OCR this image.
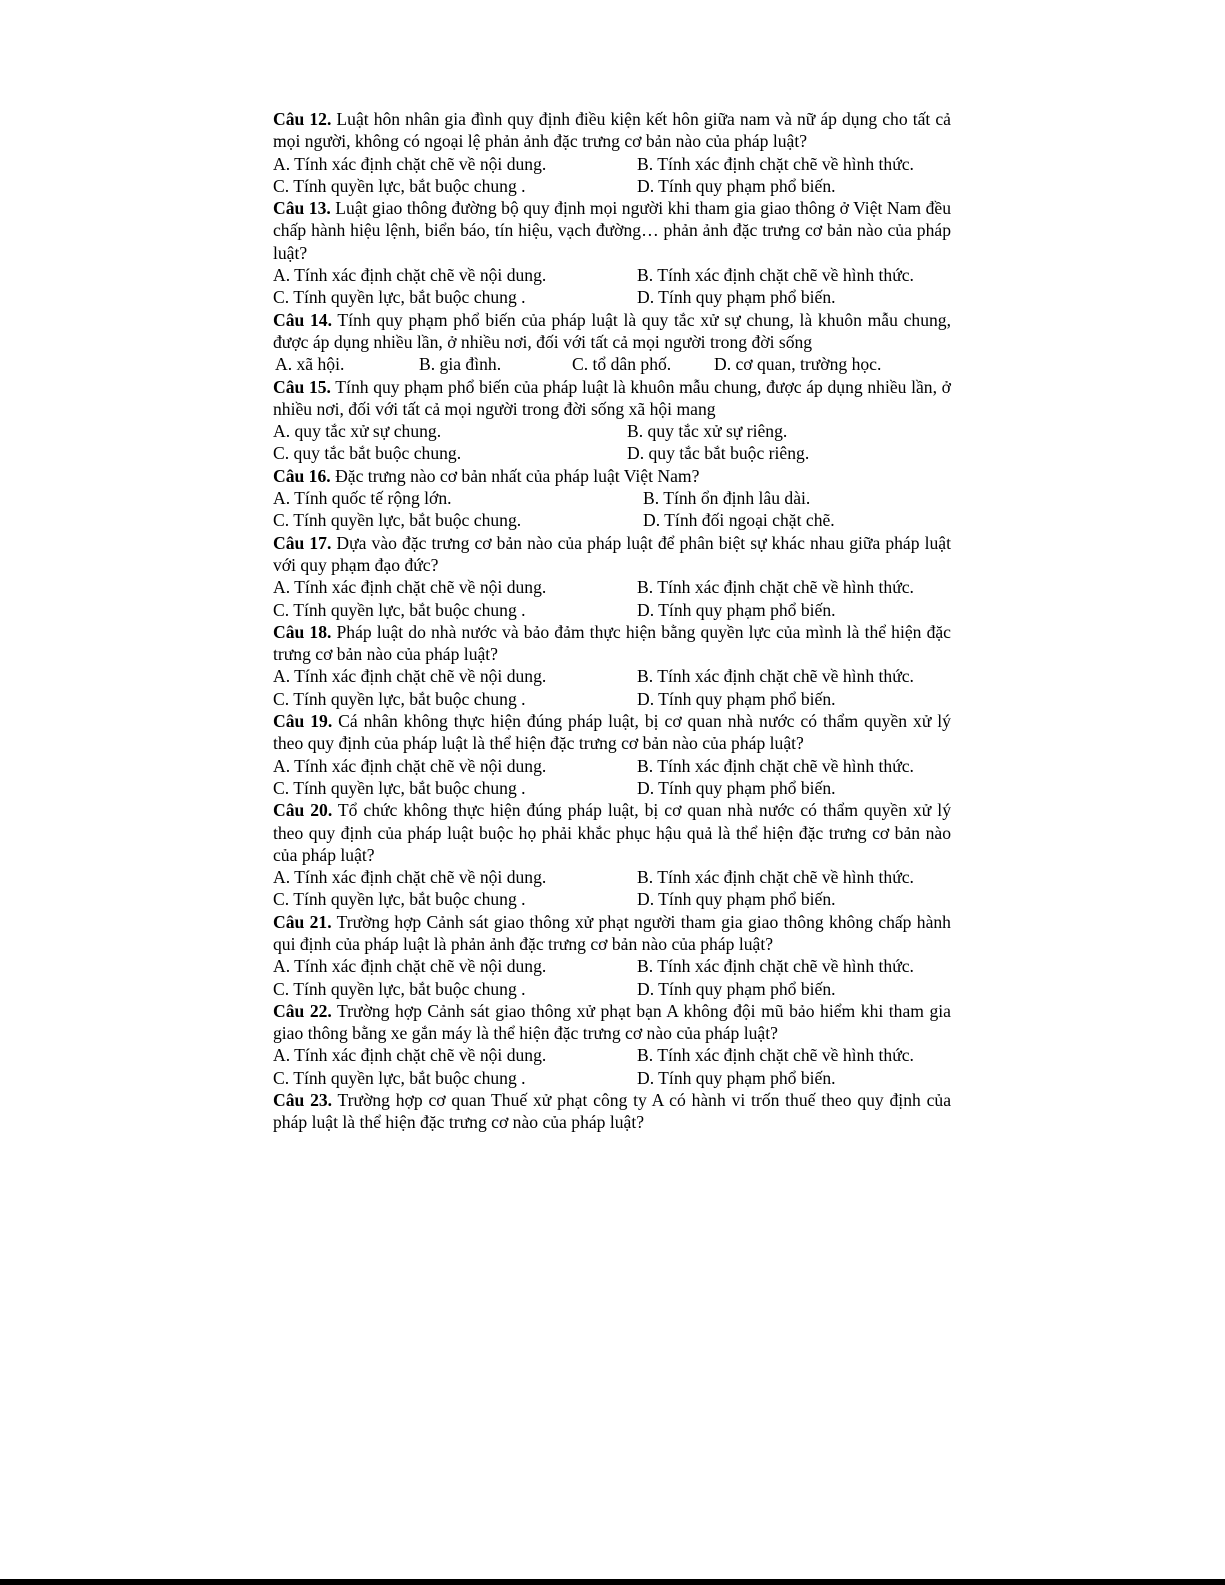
Câu 12. Luật hôn nhân gia đình quy định điều kiện kết hôn giữa nam và nữ áp dụng cho tất cả mọi người, không có ngoại lệ phản ảnh đặc trưng cơ bản nào của pháp luật?

A. Tính xác định chặt chẽ về nội dung.	B. Tính xác định chặt chẽ về hình thức.
C. Tính quyền lực, bắt buộc chung .	D. Tính quy phạm phổ biến.

Câu 13. Luật giao thông đường bộ quy định mọi người khi tham gia giao thông ở Việt Nam đều chấp hành hiệu lệnh, biển báo, tín hiệu, vạch đường… phản ảnh đặc trưng cơ bản nào của pháp luật?

A. Tính xác định chặt chẽ về nội dung.	B. Tính xác định chặt chẽ về hình thức.
C. Tính quyền lực, bắt buộc chung .	D. Tính quy phạm phổ biến.

Câu 14. Tính quy phạm phổ biến của pháp luật là quy tắc xử sự chung, là khuôn mẫu chung, được áp dụng nhiều lần, ở nhiều nơi, đối với tất cả mọi người trong đời sống

A. xã hội.	B. gia đình.	C. tổ dân phố.	D. cơ quan, trường học.

Câu 15. Tính quy phạm phổ biến của pháp luật là khuôn mẫu chung, được áp dụng nhiều lần, ở nhiều nơi, đối với tất cả mọi người trong đời sống xã hội mang

A. quy tắc xử sự chung.	B. quy tắc xử sự riêng.
C. quy tắc bắt buộc chung.	D. quy tắc bắt buộc riêng.

Câu 16. Đặc trưng nào cơ bản nhất của pháp luật Việt Nam?

A. Tính quốc tế rộng lớn.	B. Tính ổn định lâu dài.
C. Tính quyền lực, bắt buộc chung.	D. Tính đối ngoại chặt chẽ.

Câu 17. Dựa vào đặc trưng cơ bản nào của pháp luật để phân biệt sự khác nhau giữa pháp luật với quy phạm đạo đức?

A. Tính xác định chặt chẽ về nội dung.	B. Tính xác định chặt chẽ về hình thức.
C. Tính quyền lực, bắt buộc chung .	D. Tính quy phạm phổ biến.

Câu 18. Pháp luật do nhà nước và bảo đảm thực hiện bằng quyền lực của mình là thể hiện đặc trưng cơ bản nào của pháp luật?

A. Tính xác định chặt chẽ về nội dung.	B. Tính xác định chặt chẽ về hình thức.
C. Tính quyền lực, bắt buộc chung .	D. Tính quy phạm phổ biến.

Câu 19. Cá nhân không thực hiện đúng pháp luật, bị cơ quan nhà nước có thẩm quyền xử lý theo quy định của pháp luật là thể hiện đặc trưng cơ bản nào của pháp luật?

A. Tính xác định chặt chẽ về nội dung.	B. Tính xác định chặt chẽ về hình thức.
C. Tính quyền lực, bắt buộc chung .	D. Tính quy phạm phổ biến.

Câu 20. Tổ chức không thực hiện đúng pháp luật, bị cơ quan nhà nước có thẩm quyền xử lý theo quy định của pháp luật buộc họ phải khắc phục hậu quả là thể hiện đặc trưng cơ bản nào của pháp luật?

A. Tính xác định chặt chẽ về nội dung.	B. Tính xác định chặt chẽ về hình thức.
C. Tính quyền lực, bắt buộc chung .	D. Tính quy phạm phổ biến.

Câu 21. Trường hợp Cảnh sát giao thông xử phạt người tham gia giao thông không chấp hành qui định của pháp luật là phản ảnh đặc trưng cơ bản nào của pháp luật?

A. Tính xác định chặt chẽ về nội dung.	B. Tính xác định chặt chẽ về hình thức.
C. Tính quyền lực, bắt buộc chung .	D. Tính quy phạm phổ biến.

Câu 22. Trường hợp Cảnh sát giao thông xử phạt bạn A không đội mũ bảo hiểm khi tham gia giao thông bằng xe gắn máy là thể hiện đặc trưng cơ nào của pháp luật?

A. Tính xác định chặt chẽ về nội dung.	B. Tính xác định chặt chẽ về hình thức.
C. Tính quyền lực, bắt buộc chung .	D. Tính quy phạm phổ biến.

Câu 23. Trường hợp cơ quan Thuế xử phạt công ty A có hành vi trốn thuế theo quy định của pháp luật là thể hiện đặc trưng cơ nào của pháp luật?
